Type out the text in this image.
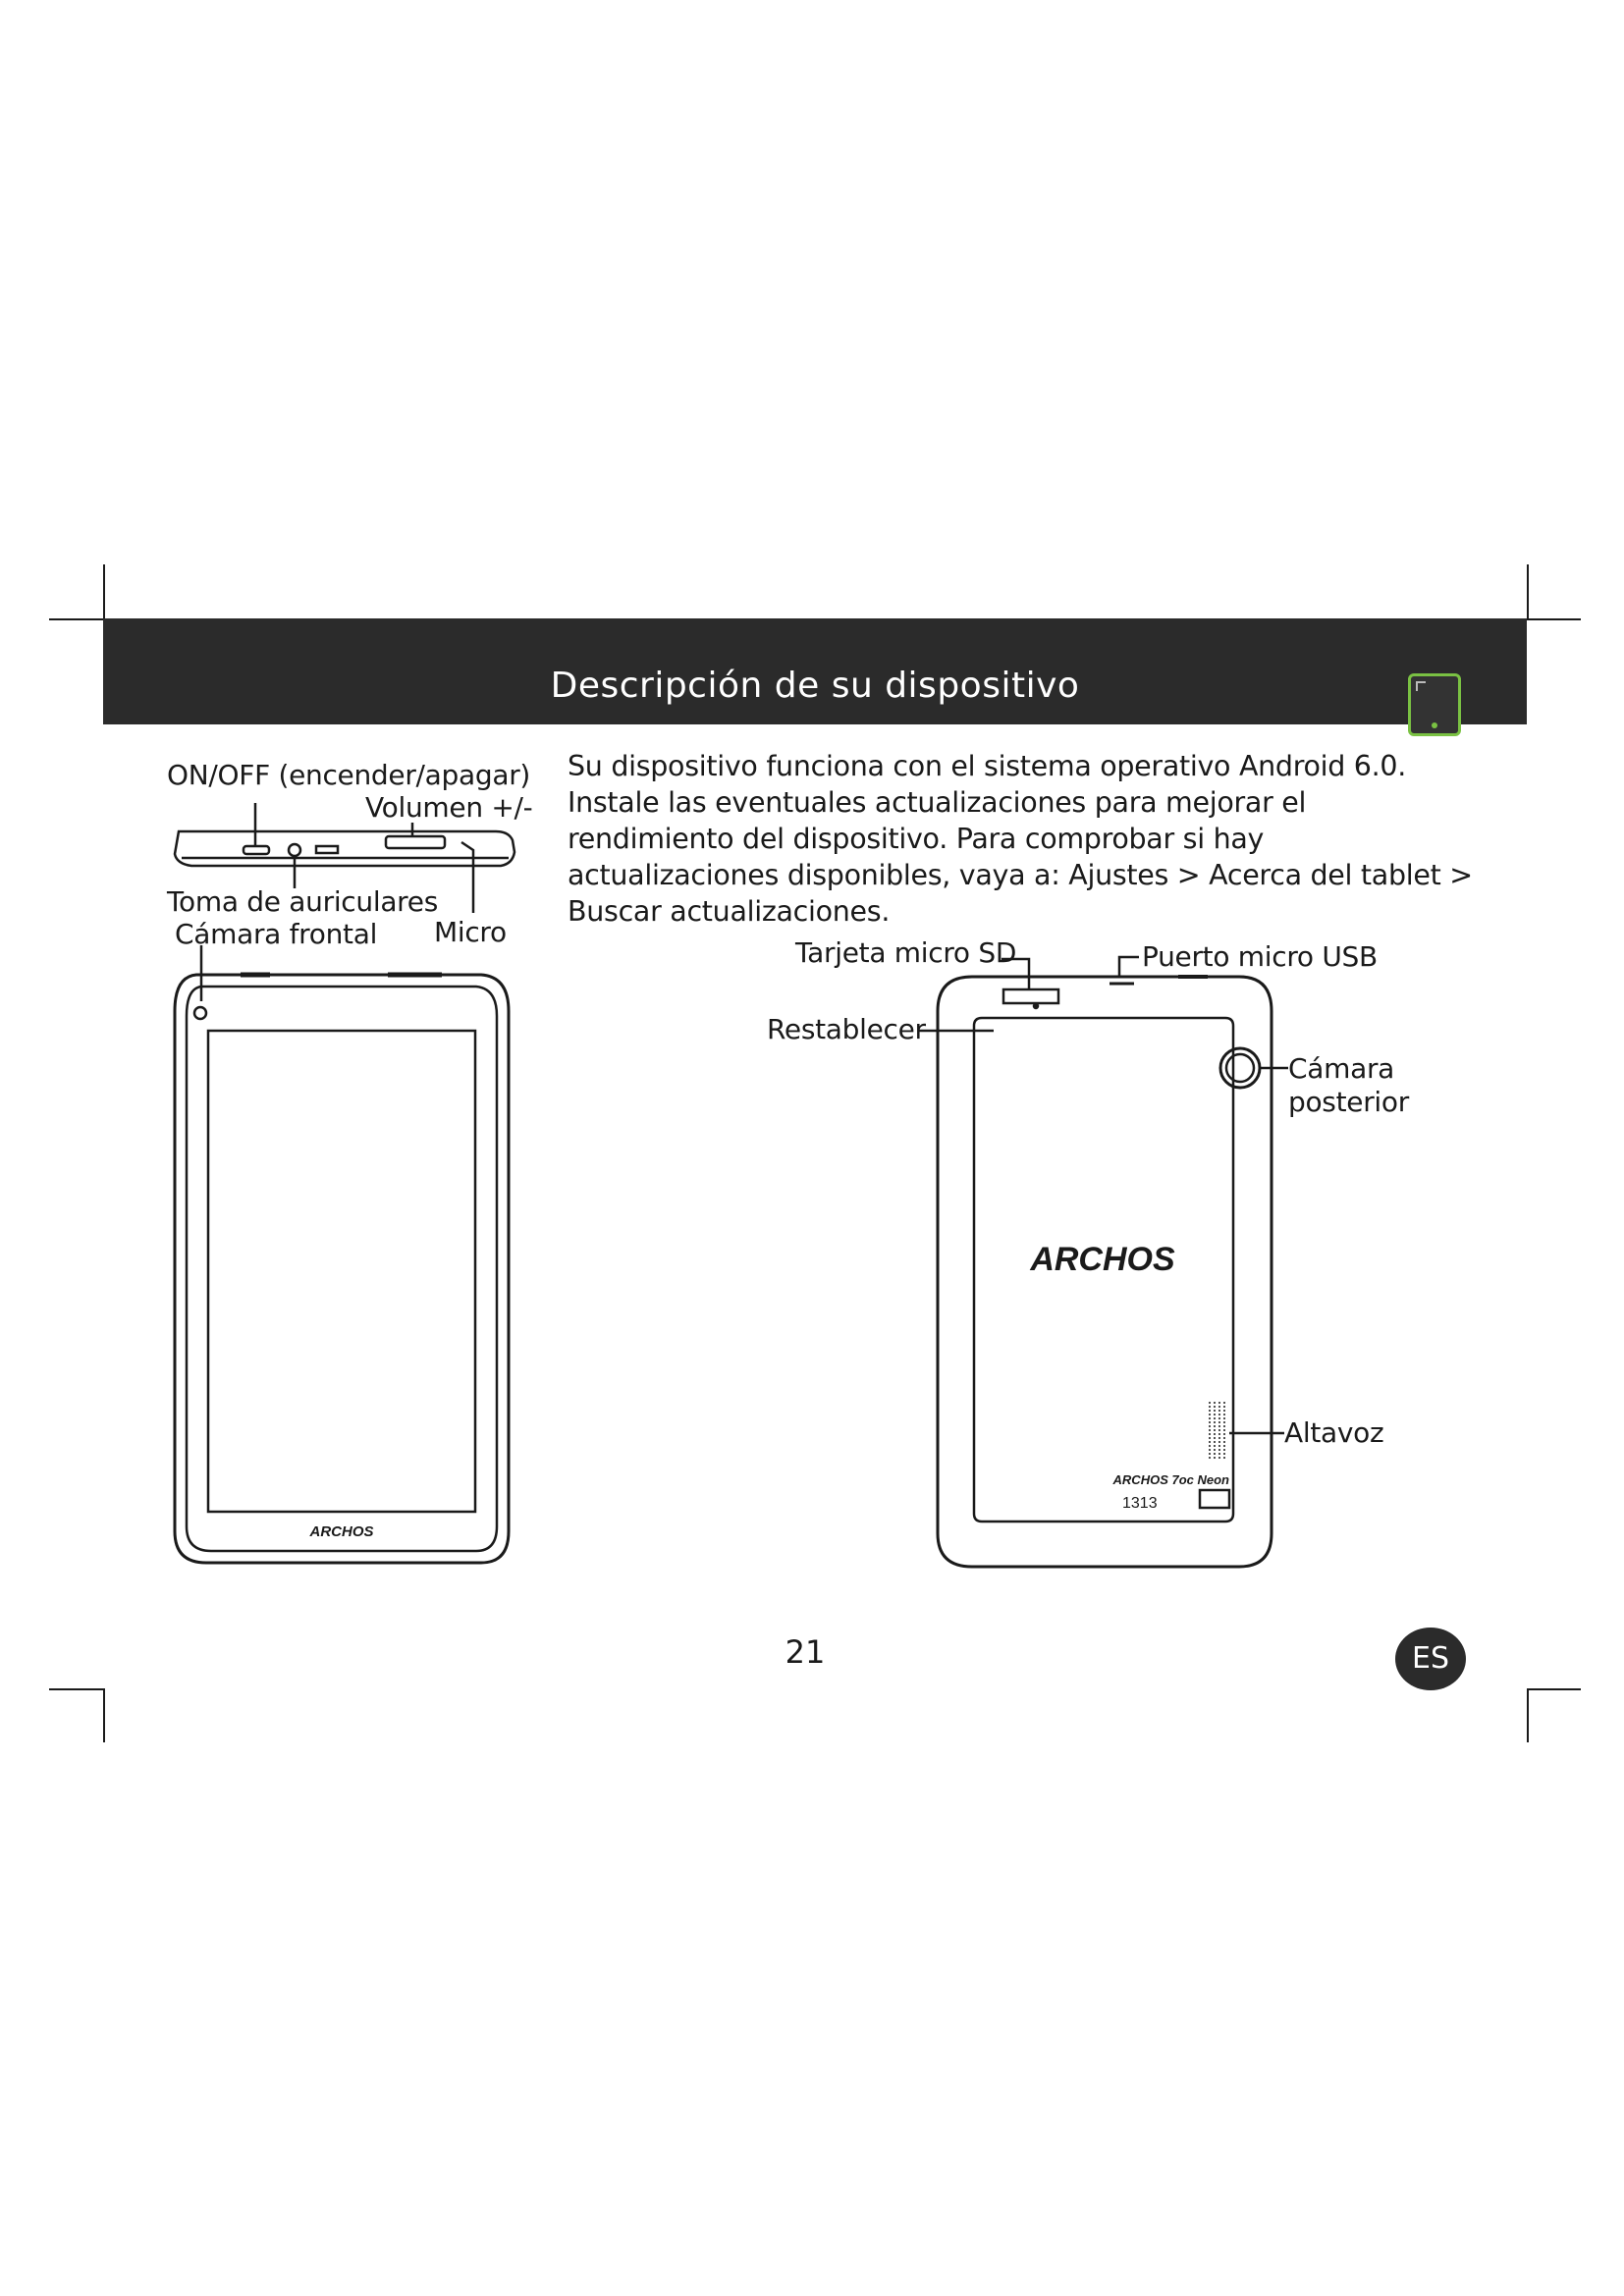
Descripción de su dispositivo
ARCHOS
ARCHOS
ARCHOS 7oc Neon
1313
ON/OFF (encender/apagar)
Volumen +/-
Toma de auriculares
Cámara frontal Micro

Su dispositivo funciona con el sistema operativo Android 6.0. Instale las eventuales actualizaciones para mejorar el rendimiento del dispositivo. Para comprobar si hay actualizaciones disponibles, vaya a: Ajustes > Acerca del tablet > Buscar actualizaciones.

Tarjeta micro SD	Puerto micro USB
Restablecer
Cámara
posterior
Altavoz
21	ES
